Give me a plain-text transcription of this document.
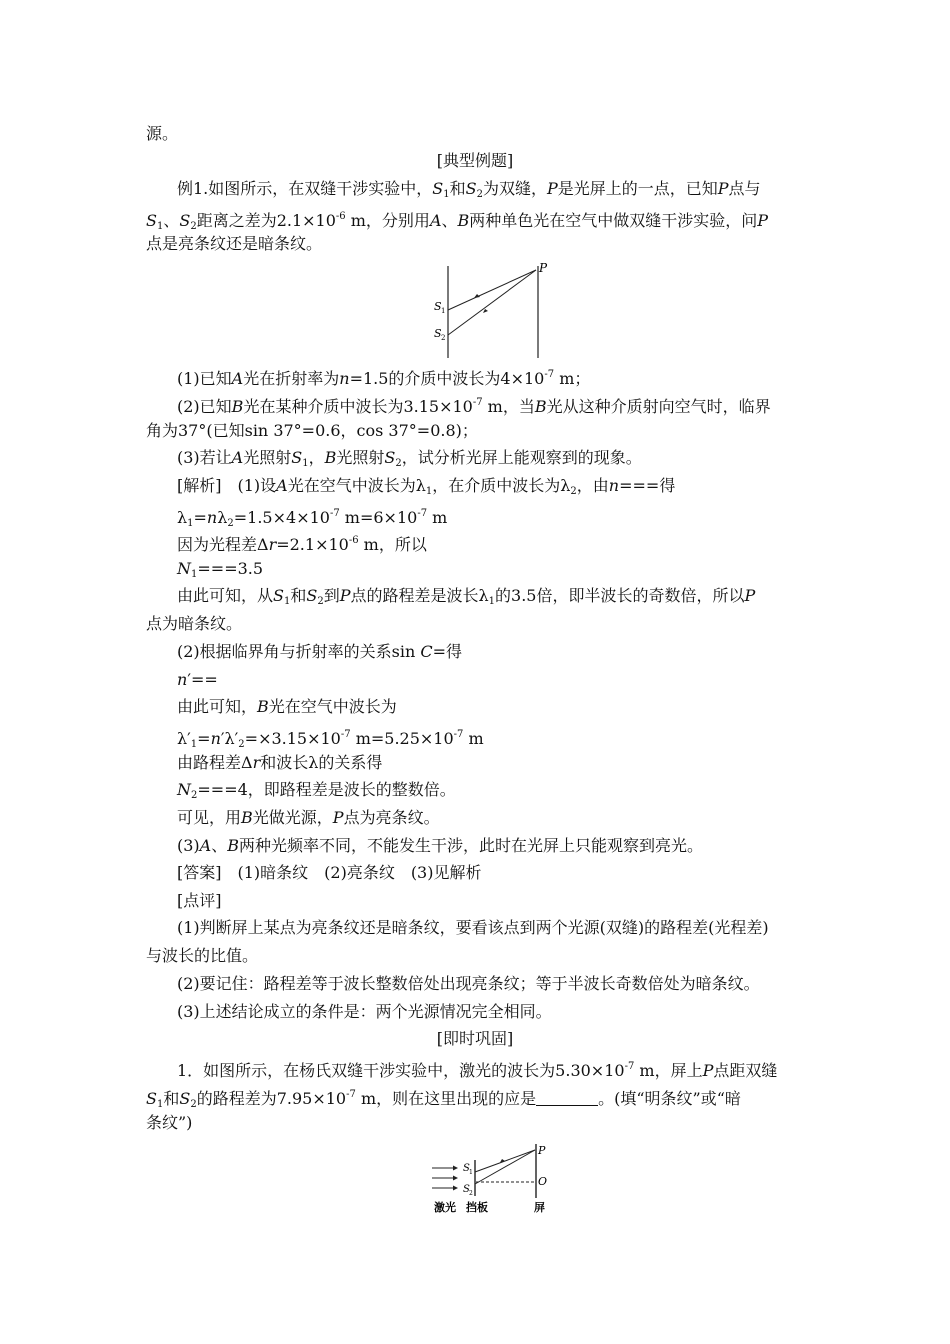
源。
[典型例题]
例1.如图所示，在双缝干涉实验中，$S_1$和$S_2$为双缝，P是光屏上的一点，已知P点与
$S_1$、$S_2$距离之差为$2.1\times 10^{-6}$ m，分别用A、B两种单色光在空气中做双缝干涉实验，问P
点是亮条纹还是暗条纹。
P
S 1
S 2
(1)已知A光在折射率为n=1.5的介质中波长为$4\times 10^{-7}$ m；
(2)已知B光在某种介质中波长为$3.15\times 10^{-7}$ m，当B光从这种介质射向空气时，临界
角为37°(已知sin 37°=0.6，cos 37°=0.8)；
(3)若让A光照射$S_1$，B光照射$S_2$，试分析光屏上能观察到的现象。
[解析]　(1)设A光在空气中波长为$\lambda_1$，在介质中波长为$\lambda_2$，由n===得
$\lambda_1=n\lambda_2=1.5\times 4\times 10^{-7}$ $m=6\times 10^{-7}$ m
因为光程差$\Delta r=2.1\times 10^{-6}$ m，所以
$N_1===3.5$
由此可知，从$S_1$和$S_2$到P点的路程差是波长$\lambda_1$的3.5倍，即半波长的奇数倍，所以P
点为暗条纹。
(2)根据临界角与折射率的关系sin C=得
n′==
由此可知，B光在空气中波长为
$\lambda'_1=n'\lambda'_2=\times 3.15\times 10^{-7}$ $m=5.25\times 10^{-7}$ m
由路程差Δr和波长λ的关系得
$N_2===4$，即路程差是波长的整数倍。
可见，用B光做光源，P点为亮条纹。
(3)A、B两种光频率不同，不能发生干涉，此时在光屏上只能观察到亮光。
[答案]　(1)暗条纹　(2)亮条纹　(3)见解析
[点评]
(1)判断屏上某点为亮条纹还是暗条纹，要看该点到两个光源(双缝)的路程差(光程差)
与波长的比值。
(2)要记住：路程差等于波长整数倍处出现亮条纹；等于半波长奇数倍处为暗条纹。
(3)上述结论成立的条件是：两个光源情况完全相同。
[即时巩固]
1．如图所示，在杨氏双缝干涉实验中，激光的波长为$5.30\times 10^{-7}$ m，屏上P点距双缝
$S_1$和$S_2$的路程差为$7.95\times 10^{-7}$ m，则在这里出现的应是	。(填“明条纹”或“暗
条纹”)
P
O
S 1
S 2
激光 挡板	屏
